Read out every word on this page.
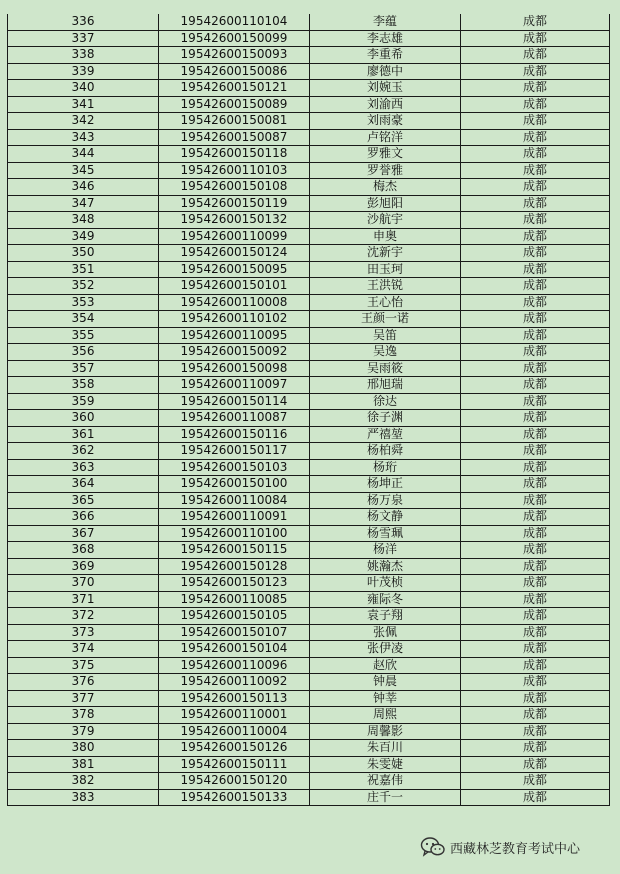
336	19542600110104	李蕴	成都
337	19542600150099	李志雄	成都
338	19542600150093	李重希	成都
339	19542600150086	廖德中	成都
340	19542600150121	刘婉玉	成都
341	19542600150089	刘渝西	成都
342	19542600150081	刘雨豪	成都
343	19542600150087	卢铭洋	成都
344	19542600150118	罗雅文	成都
345	19542600110103	罗誉雅	成都
346	19542600150108	梅杰	成都
347	19542600150119	彭旭阳	成都
348	19542600150132	沙航宇	成都
349	19542600110099	申奥	成都
350	19542600150124	沈新宇	成都
351	19542600150095	田玉珂	成都
352	19542600150101	王洪锐	成都
353	19542600110008	王心怡	成都
354	19542600110102	王颜一诺	成都
355	19542600110095	吴笛	成都
356	19542600150092	吴逸	成都
357	19542600150098	吴雨筱	成都
358	19542600110097	邢旭瑞	成都
359	19542600150114	徐达	成都
360	19542600110087	徐子渊	成都
361	19542600150116	严禧堃	成都
362	19542600150117	杨柏舜	成都
363	19542600150103	杨珩	成都
364	19542600150100	杨坤正	成都
365	19542600110084	杨万泉	成都
366	19542600110091	杨文静	成都
367	19542600110100	杨雪珮	成都
368	19542600150115	杨洋	成都
369	19542600150128	姚瀚杰	成都
370	19542600150123	叶茂桢	成都
371	19542600110085	雍际冬	成都
372	19542600150105	袁子翔	成都
373	19542600150107	张佩	成都
374	19542600150104	张伊凌	成都
375	19542600110096	赵欣	成都
376	19542600110092	钟晨	成都
377	19542600150113	钟莘	成都
378	19542600110001	周熙	成都
379	19542600110004	周馨影	成都
380	19542600150126	朱百川	成都
381	19542600150111	朱雯婕	成都
382	19542600150120	祝嘉伟	成都
383	19542600150133	庄千一	成都
西藏林芝教育考试中心
